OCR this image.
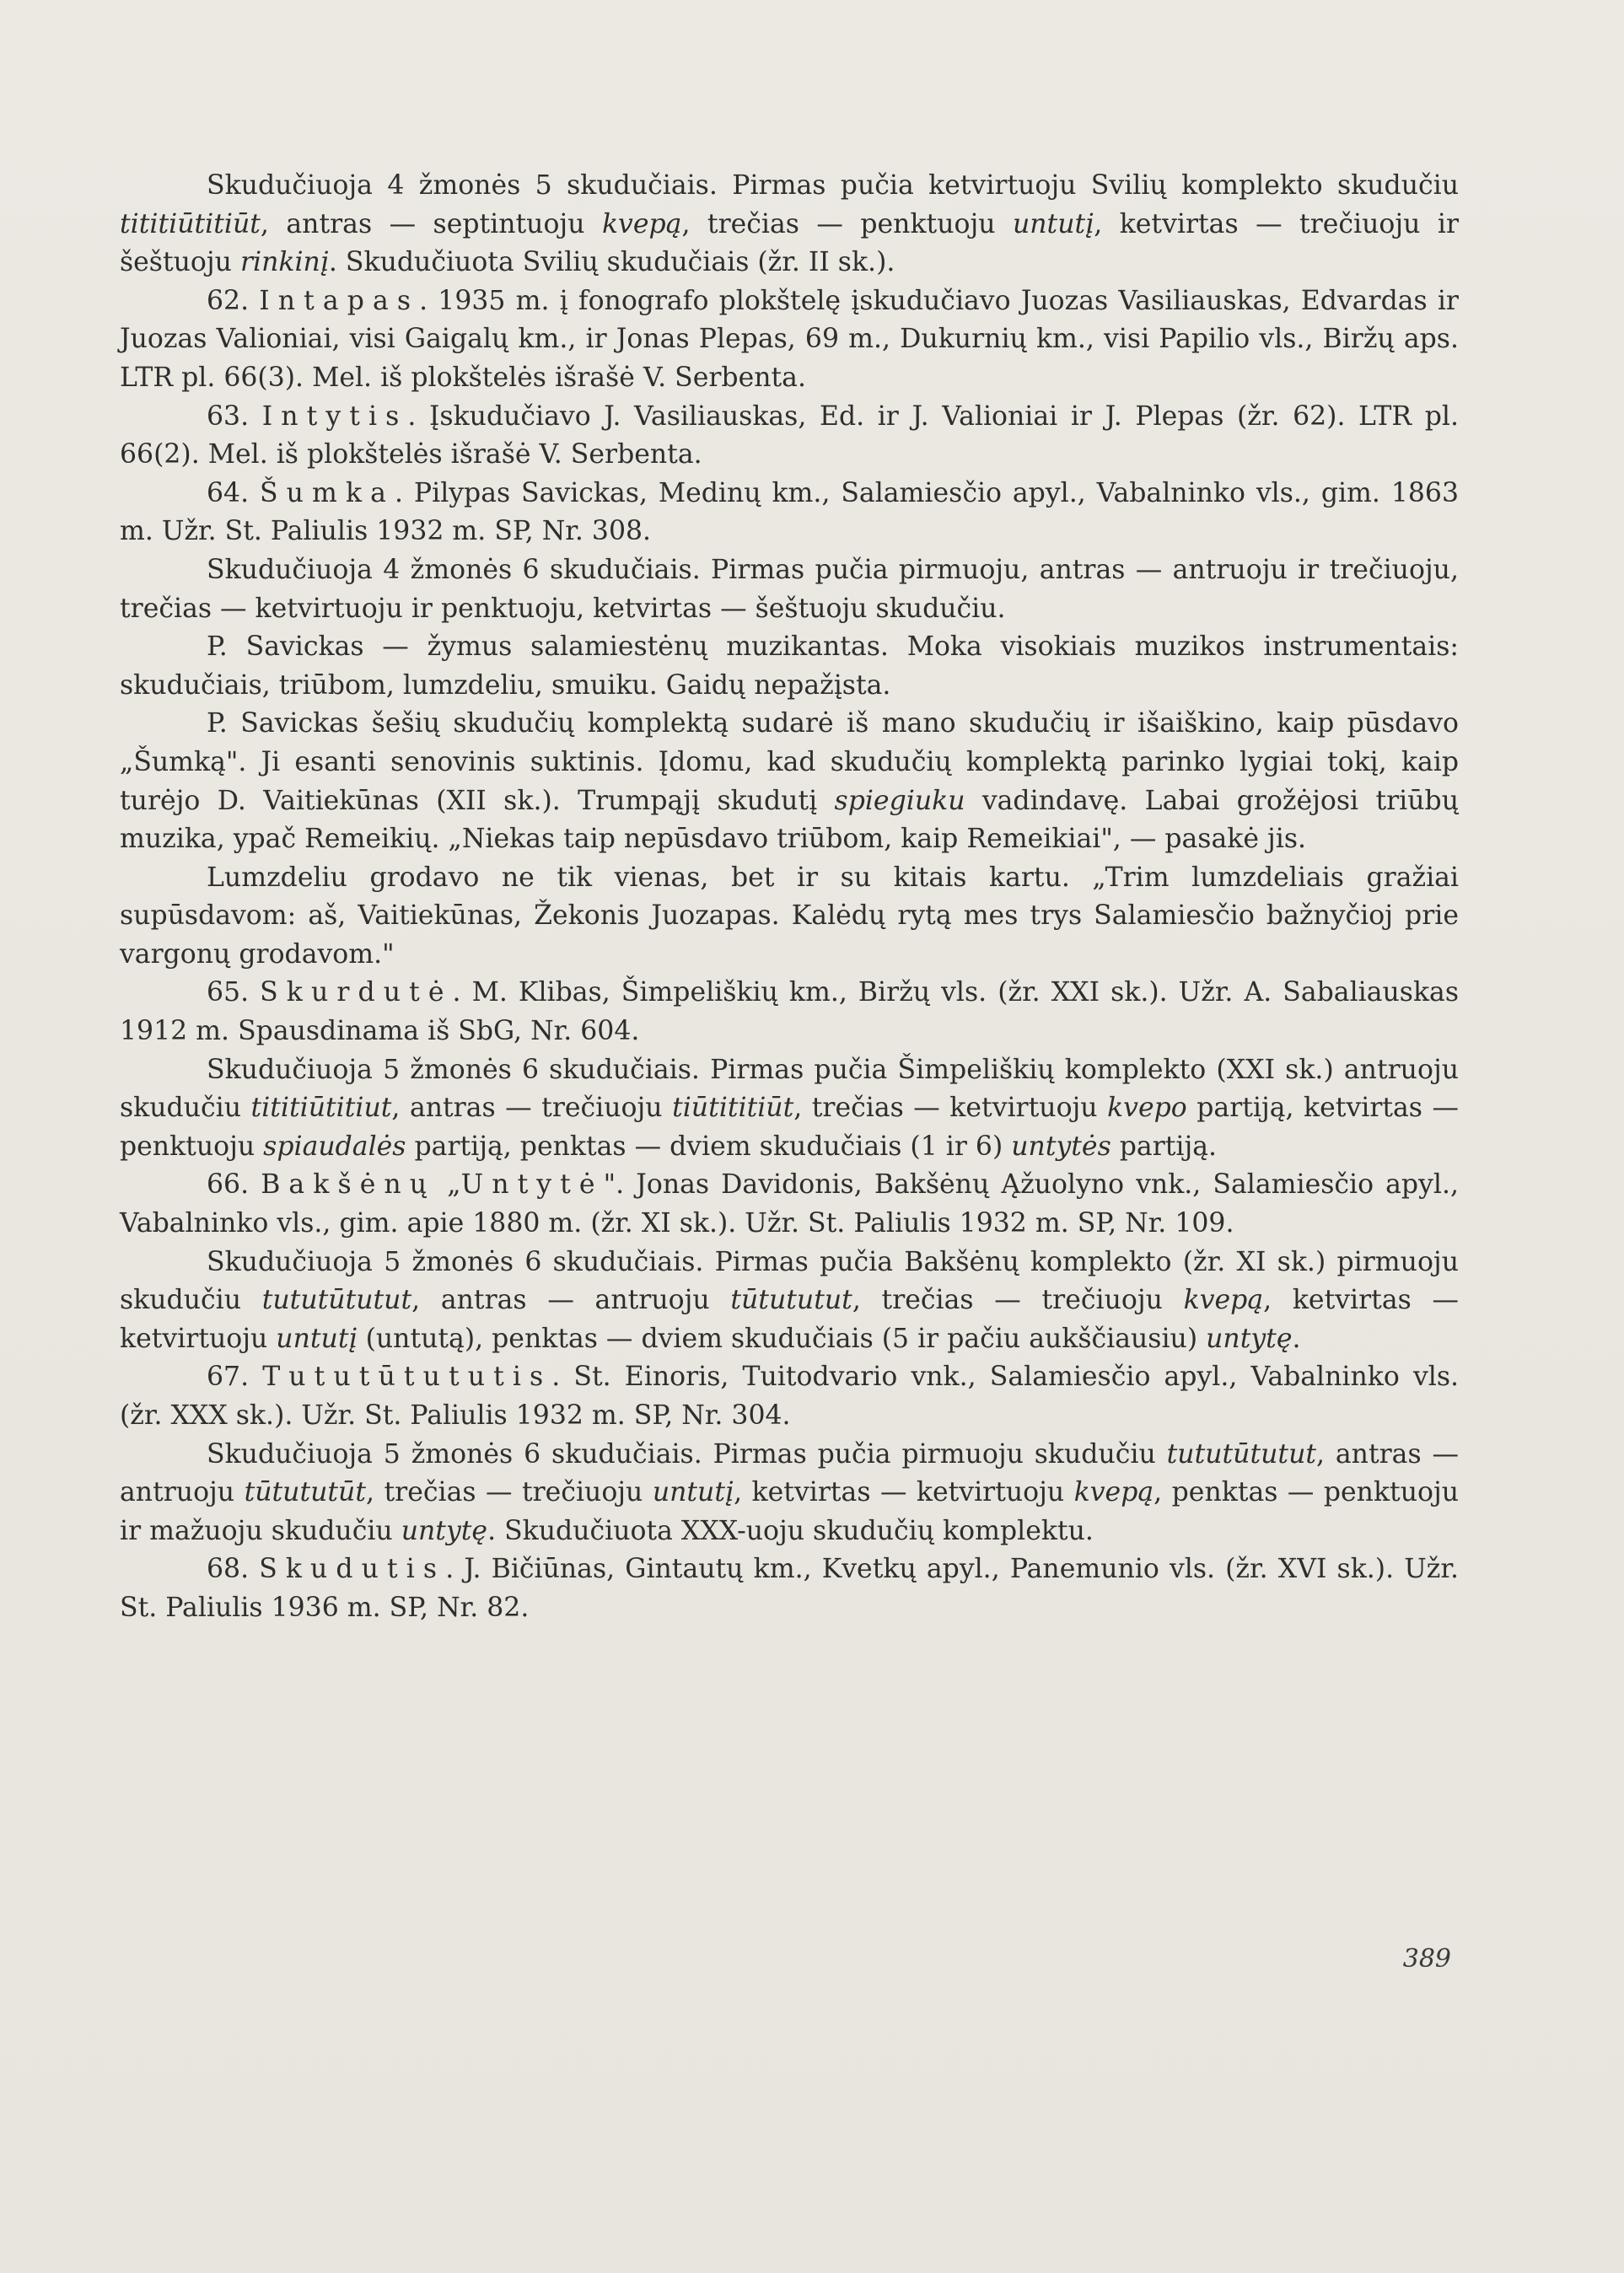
Skudučiuoja 4 žmonės 5 skudučiais. Pirmas pučia ketvirtuoju Svilių komplekto skudučiu tititiūtitiūt, antras — septintuoju kvepą, trečias — penktuoju untutį, ketvirtas — trečiuoju ir šeštuoju rinkinį. Skudučiuota Svilių skudučiais (žr. II sk.).

62. Intapas. 1935 m. į fonografo plokštelę įskudučiavo Juozas Vasiliauskas, Edvardas ir Juozas Valioniai, visi Gaigalų km., ir Jonas Plepas, 69 m., Dukurnių km., visi Papilio vls., Biržų aps. LTR pl. 66(3). Mel. iš plokštelės išrašė V. Serbenta.

63. Intytis. Įskudučiavo J. Vasiliauskas, Ed. ir J. Valioniai ir J. Plepas (žr. 62). LTR pl. 66(2). Mel. iš plokštelės išrašė V. Serbenta.

64. Šumka. Pilypas Savickas, Medinų km., Salamiesčio apyl., Vabalninko vls., gim. 1863 m. Užr. St. Paliulis 1932 m. SP, Nr. 308.

Skudučiuoja 4 žmonės 6 skudučiais. Pirmas pučia pirmuoju, antras — antruoju ir trečiuoju, trečias — ketvirtuoju ir penktuoju, ketvirtas — šeštuoju skudučiu.

P. Savickas — žymus salamiestėnų muzikantas. Moka visokiais muzikos instrumentais: skudučiais, triūbom, lumzdeliu, smuiku. Gaidų nepažįsta.

P. Savickas šešių skudučių komplektą sudarė iš mano skudučių ir išaiškino, kaip pūsdavo „Šumką". Ji esanti senovinis suktinis. Įdomu, kad skudučių komplektą parinko lygiai tokį, kaip turėjo D. Vaitiekūnas (XII sk.). Trumpąjį skudutį spiegiuku vadindavę. Labai grožėjosi triūbų muzika, ypač Remeikių. „Niekas taip nepūsdavo triūbom, kaip Remeikiai", — pasakė jis.

Lumzdeliu grodavo ne tik vienas, bet ir su kitais kartu. „Trim lumzdeliais gražiai supūsdavom: aš, Vaitiekūnas, Žekonis Juozapas. Kalėdų rytą mes trys Salamiesčio bažnyčioj prie vargonų grodavom."

65. Skurdutė. M. Klibas, Šimpeliškių km., Biržų vls. (žr. XXI sk.). Užr. A. Sabaliauskas 1912 m. Spausdinama iš SbG, Nr. 604.

Skudučiuoja 5 žmonės 6 skudučiais. Pirmas pučia Šimpeliškių komplekto (XXI sk.) antruoju skudučiu tititiūtitiut, antras — trečiuoju tiūtititiūt, trečias — ketvirtuoju kvepo partiją, ketvirtas — penktuoju spiaudalės partiją, penktas — dviem skudučiais (1 ir 6) untytės partiją.

66. Bakšėnų „Untytė". Jonas Davidonis, Bakšėnų Ąžuolyno vnk., Salamiesčio apyl., Vabalninko vls., gim. apie 1880 m. (žr. XI sk.). Užr. St. Paliulis 1932 m. SP, Nr. 109.

Skudučiuoja 5 žmonės 6 skudučiais. Pirmas pučia Bakšėnų komplekto (žr. XI sk.) pirmuoju skudučiu tututūtutut, antras — antruoju tūtututut, trečias — trečiuoju kvepą, ketvirtas — ketvirtuoju untutį (untutą), penktas — dviem skudučiais (5 ir pačiu aukščiausiu) untytę.

67. Tututūtututis. St. Einoris, Tuitodvario vnk., Salamiesčio apyl., Vabalninko vls. (žr. XXX sk.). Užr. St. Paliulis 1932 m. SP, Nr. 304.

Skudučiuoja 5 žmonės 6 skudučiais. Pirmas pučia pirmuoju skudučiu tututūtutut, antras — antruoju tūtututūt, trečias — trečiuoju untutį, ketvirtas — ketvirtuoju kvepą, penktas — penktuoju ir mažuoju skudučiu untytę. Skudučiuota XXX-uoju skudučių komplektu.

68. Skudutis. J. Bičiūnas, Gintautų km., Kvetkų apyl., Panemunio vls. (žr. XVI sk.). Užr. St. Paliulis 1936 m. SP, Nr. 82.

389
